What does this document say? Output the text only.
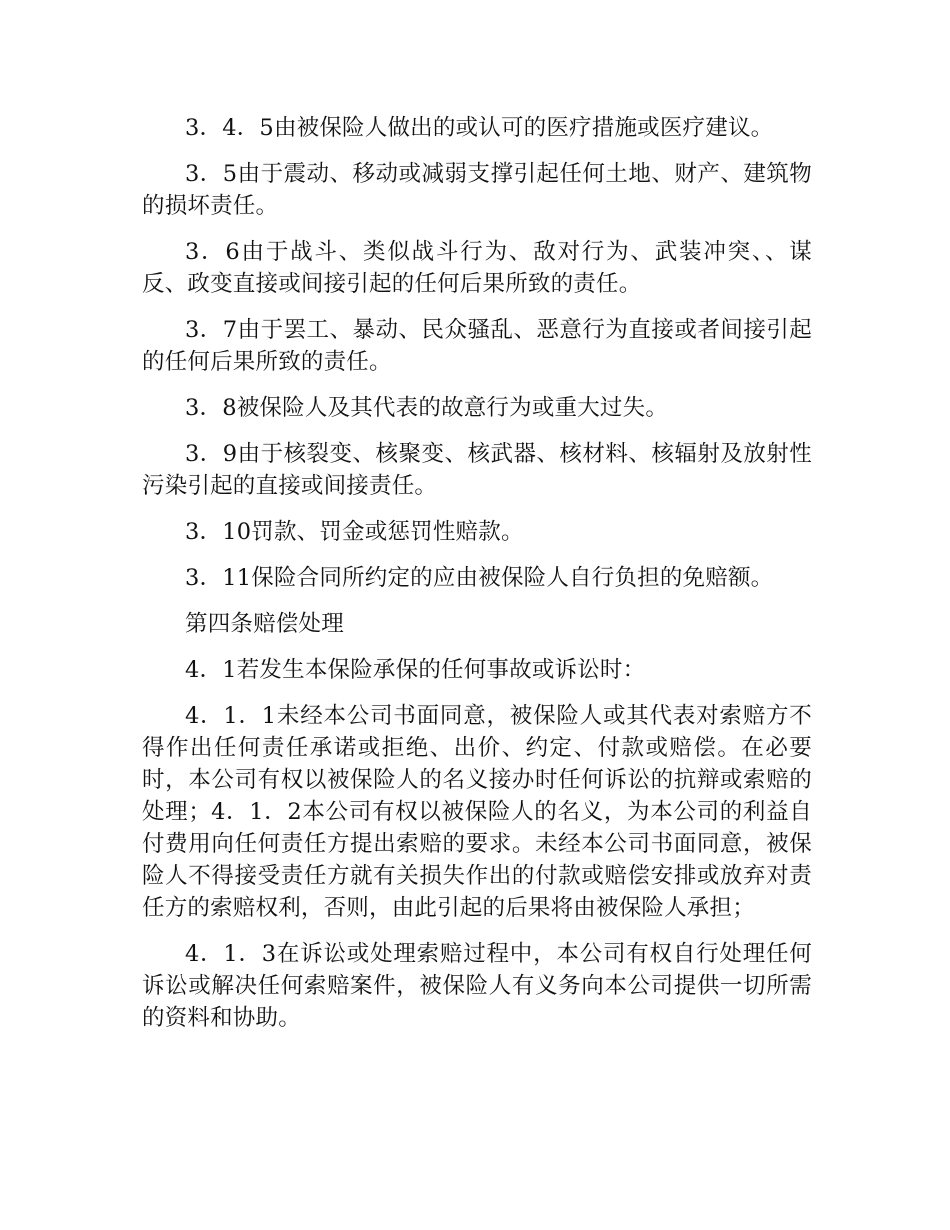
3．4．5由被保险人做出的或认可的医疗措施或医疗建议。

3．5由于震动、移动或减弱支撑引起任何土地、财产、建筑物的损坏责任。

3．6由于战斗、类似战斗行为、敌对行为、武装冲突、、谋反、政变直接或间接引起的任何后果所致的责任。

3．7由于罢工、暴动、民众骚乱、恶意行为直接或者间接引起的任何后果所致的责任。

3．8被保险人及其代表的故意行为或重大过失。

3．9由于核裂变、核聚变、核武器、核材料、核辐射及放射性污染引起的直接或间接责任。

3．10罚款、罚金或惩罚性赔款。

3．11保险合同所约定的应由被保险人自行负担的免赔额。

第四条赔偿处理

4．1若发生本保险承保的任何事故或诉讼时：

4．1．1未经本公司书面同意，被保险人或其代表对索赔方不得作出任何责任承诺或拒绝、出价、约定、付款或赔偿。在必要时，本公司有权以被保险人的名义接办时任何诉讼的抗辩或索赔的处理；4．1．2本公司有权以被保险人的名义，为本公司的利益自付费用向任何责任方提出索赔的要求。未经本公司书面同意，被保险人不得接受责任方就有关损失作出的付款或赔偿安排或放弃对责任方的索赔权利，否则，由此引起的后果将由被保险人承担；

4．1．3在诉讼或处理索赔过程中，本公司有权自行处理任何诉讼或解决任何索赔案件，被保险人有义务向本公司提供一切所需的资料和协助。
